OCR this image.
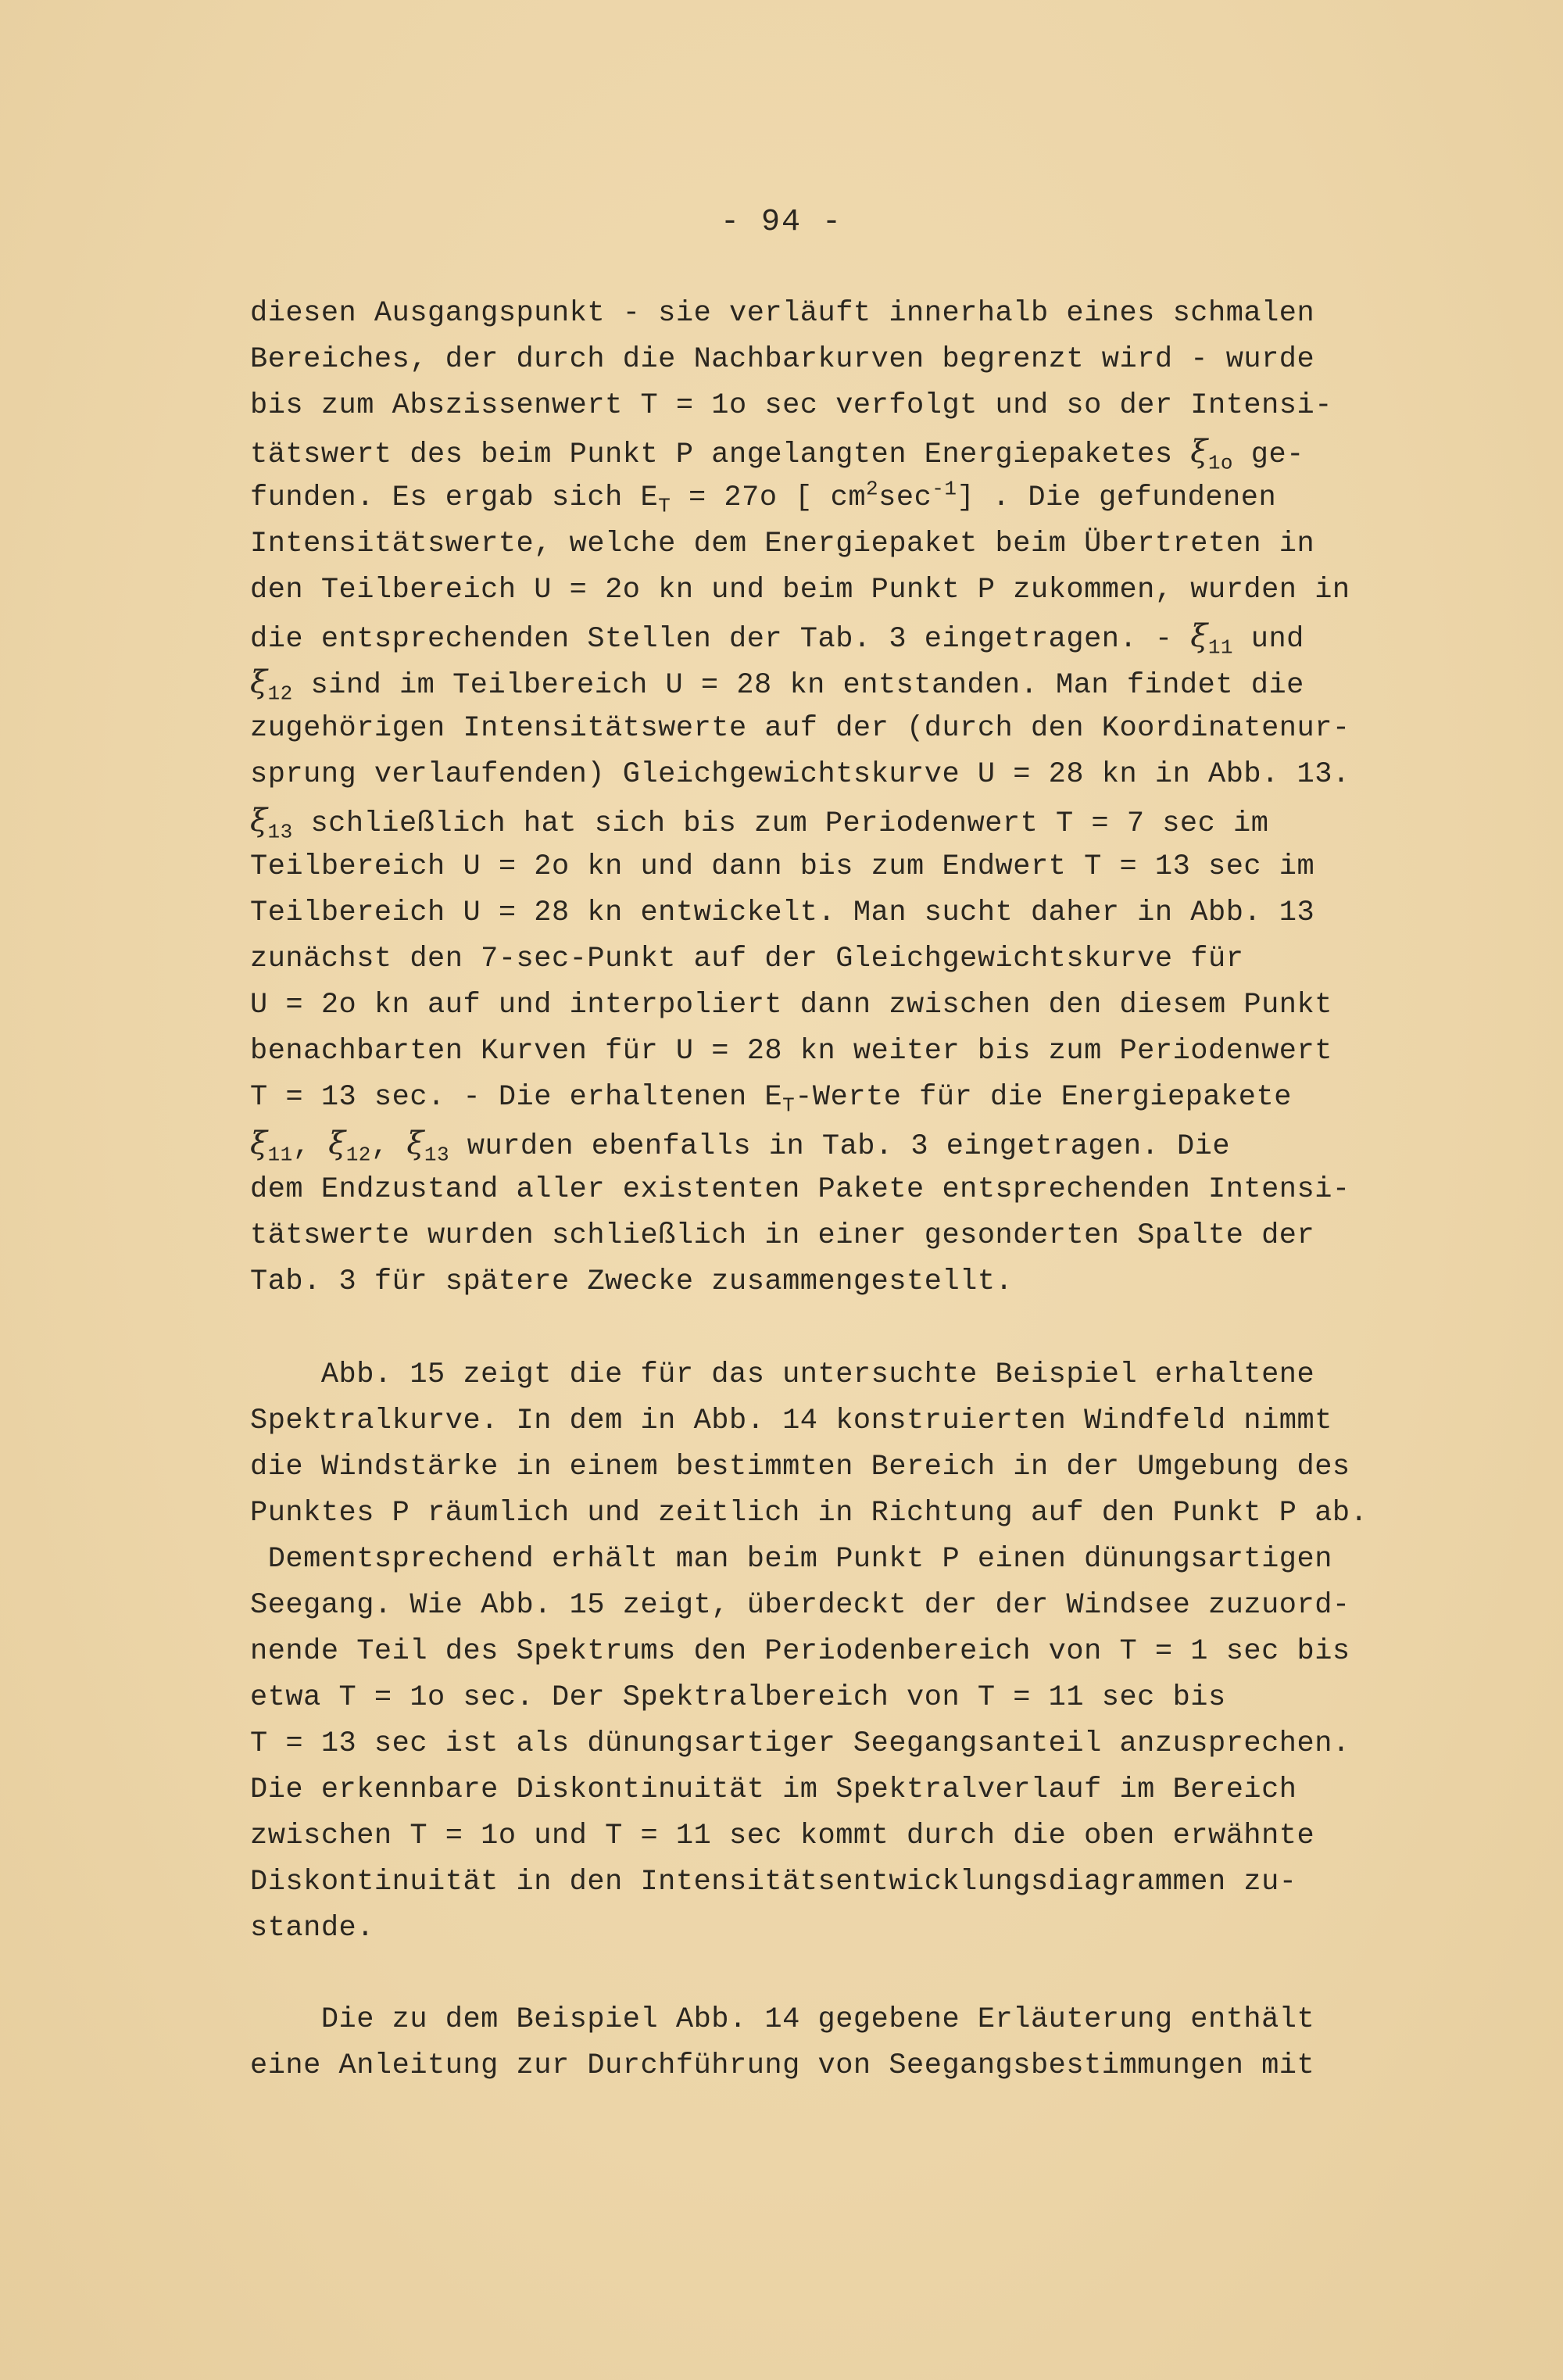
- 94 -
diesen Ausgangspunkt - sie verläuft innerhalb eines schmalen
Bereiches, der durch die Nachbarkurven begrenzt wird - wurde
bis zum Abszissenwert T = 1o sec verfolgt und so der Intensi-
tätswert des beim Punkt P angelangten Energiepaketes $\xi_{1o}$ ge-
funden. Es ergab sich $E_T = 27o$ [ $cm^2\sec^{-1}$] . Die gefundenen
Intensitätswerte, welche dem Energiepaket beim Übertreten in
den Teilbereich U = 2o kn und beim Punkt P zukommen, wurden in
die entsprechenden Stellen der Tab. 3 eingetragen. - $\xi_{11}$ und
$\xi_{12}$ sind im Teilbereich U = 28 kn entstanden. Man findet die
zugehörigen Intensitätswerte auf der (durch den Koordinatenur-
sprung verlaufenden) Gleichgewichtskurve U = 28 kn in Abb. 13.
$\xi_{13}$ schließlich hat sich bis zum Periodenwert T = 7 sec im
Teilbereich U = 2o kn und dann bis zum Endwert T = 13 sec im
Teilbereich U = 28 kn entwickelt. Man sucht daher in Abb. 13
zunächst den 7-sec-Punkt auf der Gleichgewichtskurve für
U = 2o kn auf und interpoliert dann zwischen den diesem Punkt
benachbarten Kurven für U = 28 kn weiter bis zum Periodenwert
T = 13 sec. - Die erhaltenen $E_T$-Werte für die Energiepakete
$\xi_{11}$, $\xi_{12}$, $\xi_{13}$ wurden ebenfalls in Tab. 3 eingetragen. Die
dem Endzustand aller existenten Pakete entsprechenden Intensi-
tätswerte wurden schließlich in einer gesonderten Spalte der
Tab. 3 für spätere Zwecke zusammengestellt.
Abb. 15 zeigt die für das untersuchte Beispiel erhaltene
Spektralkurve. In dem in Abb. 14 konstruierten Windfeld nimmt
die Windstärke in einem bestimmten Bereich in der Umgebung des
Punktes P räumlich und zeitlich in Richtung auf den Punkt P ab.
Dementsprechend erhält man beim Punkt P einen dünungsartigen
Seegang. Wie Abb. 15 zeigt, überdeckt der der Windsee zuzuord-
nende Teil des Spektrums den Periodenbereich von T = 1 sec bis
etwa T = 1o sec. Der Spektralbereich von T = 11 sec bis
T = 13 sec ist als dünungsartiger Seegangsanteil anzusprechen.
Die erkennbare Diskontinuität im Spektralverlauf im Bereich
zwischen T = 1o und T = 11 sec kommt durch die oben erwähnte
Diskontinuität in den Intensitätsentwicklungsdiagrammen zu-
stande.
Die zu dem Beispiel Abb. 14 gegebene Erläuterung enthält
eine Anleitung zur Durchführung von Seegangsbestimmungen mit
